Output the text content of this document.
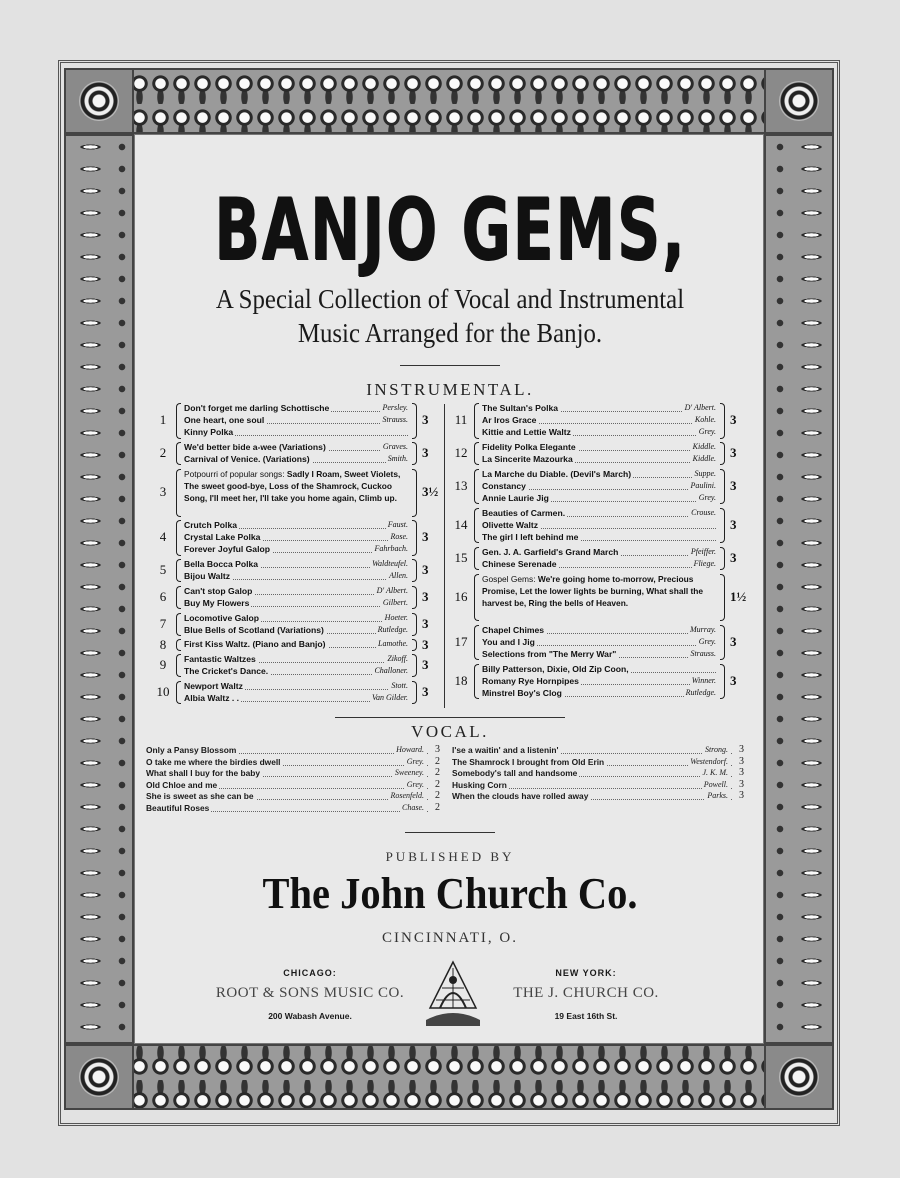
BANJO GEMS,
A Special Collection of Vocal and Instrumental
Music Arranged for the Banjo.
INSTRUMENTAL.
1	3
Don't forget me darling Schottische	Persley.
One heart, one soul	Strauss.
Kinny Polka
2	3
We'd better bide a-wee (Variations)	Graves.
Carnival of Venice. (Variations)	Smith.
3	3½
Potpourri of popular songs: Sadly I Roam, Sweet Violets, The sweet good-bye, Loss of the Shamrock, Cuckoo Song, I'll meet her, I'll take you home again, Climb up.
4	3
Crutch Polka	Faust.
Crystal Lake Polka	Rose.
Forever Joyful Galop	Fahrbach.
5	3
Bella Bocca Polka	Waldteufel.
Bijou Waltz	Allen.
6	3
Can't stop Galop	D' Albert.
Buy My Flowers	Gilbert.
7	3
Locomotive Galop	Hoeter.
Blue Bells of Scotland (Variations)	Rutledge.
8	3
First Kiss Waltz. (Piano and Banjo)	Lamothe.
9	3
Fantastic Waltzes	Zikoff.
The Cricket's Dance.	Challoner.
10	3
Newport Waltz	Stott.
Albia Waltz . .	Van Gilder.
11	3
The Sultan's Polka	D' Albert.
Ar Iros Grace	Kohle.
Kittie and Lettie Waltz	Grey.
12	3
Fidelity Polka Elegante	Kiddle.
La Sincerite Mazourka	Kiddle.
13	3
La Marche du Diable. (Devil's March)	Suppe.
Constancy	Paulini.
Annie Laurie Jig	Grey.
14	3
Beauties of Carmen.	Crouse.
Olivette Waltz
The girl I left behind me
15	3
Gen. J. A. Garfield's Grand March	Pfeiffer.
Chinese Serenade	Fliege.
16	1½
Gospel Gems: We're going home to-morrow, Precious Promise, Let the lower lights be burning, What shall the harvest be, Ring the bells of Heaven.
17	3
Chapel Chimes	Murray.
You and I Jig	Grey.
Selections from "The Merry War"	Strauss.
18	3
Billy Patterson, Dixie, Old Zip Coon,
Romany Rye Hornpipes	Winner.
Minstrel Boy's Clog	Rutledge.
VOCAL.
Only a Pansy Blossom	Howard.	3
O take me where the birdies dwell	Grey.	2
What shall I buy for the baby	Sweeney.	2
Old Chloe and me	Grey.	2
She is sweet as she can be	Rosenfeld.	2
Beautiful Roses	Chase.	2
I'se a waitin' and a listenin'	Strong.	3
The Shamrock I brought from Old Erin	Westendorf.	3
Somebody's tall and handsome	J. K. M.	3
Husking Corn	Powell.	3
When the clouds have rolled away	Parks.	3
PUBLISHED BY
The John Church Co.
CINCINNATI, O.
CHICAGO:
ROOT & SONS MUSIC CO.
200 Wabash Avenue.
NEW YORK:
THE J. CHURCH CO.
19 East 16th St.
